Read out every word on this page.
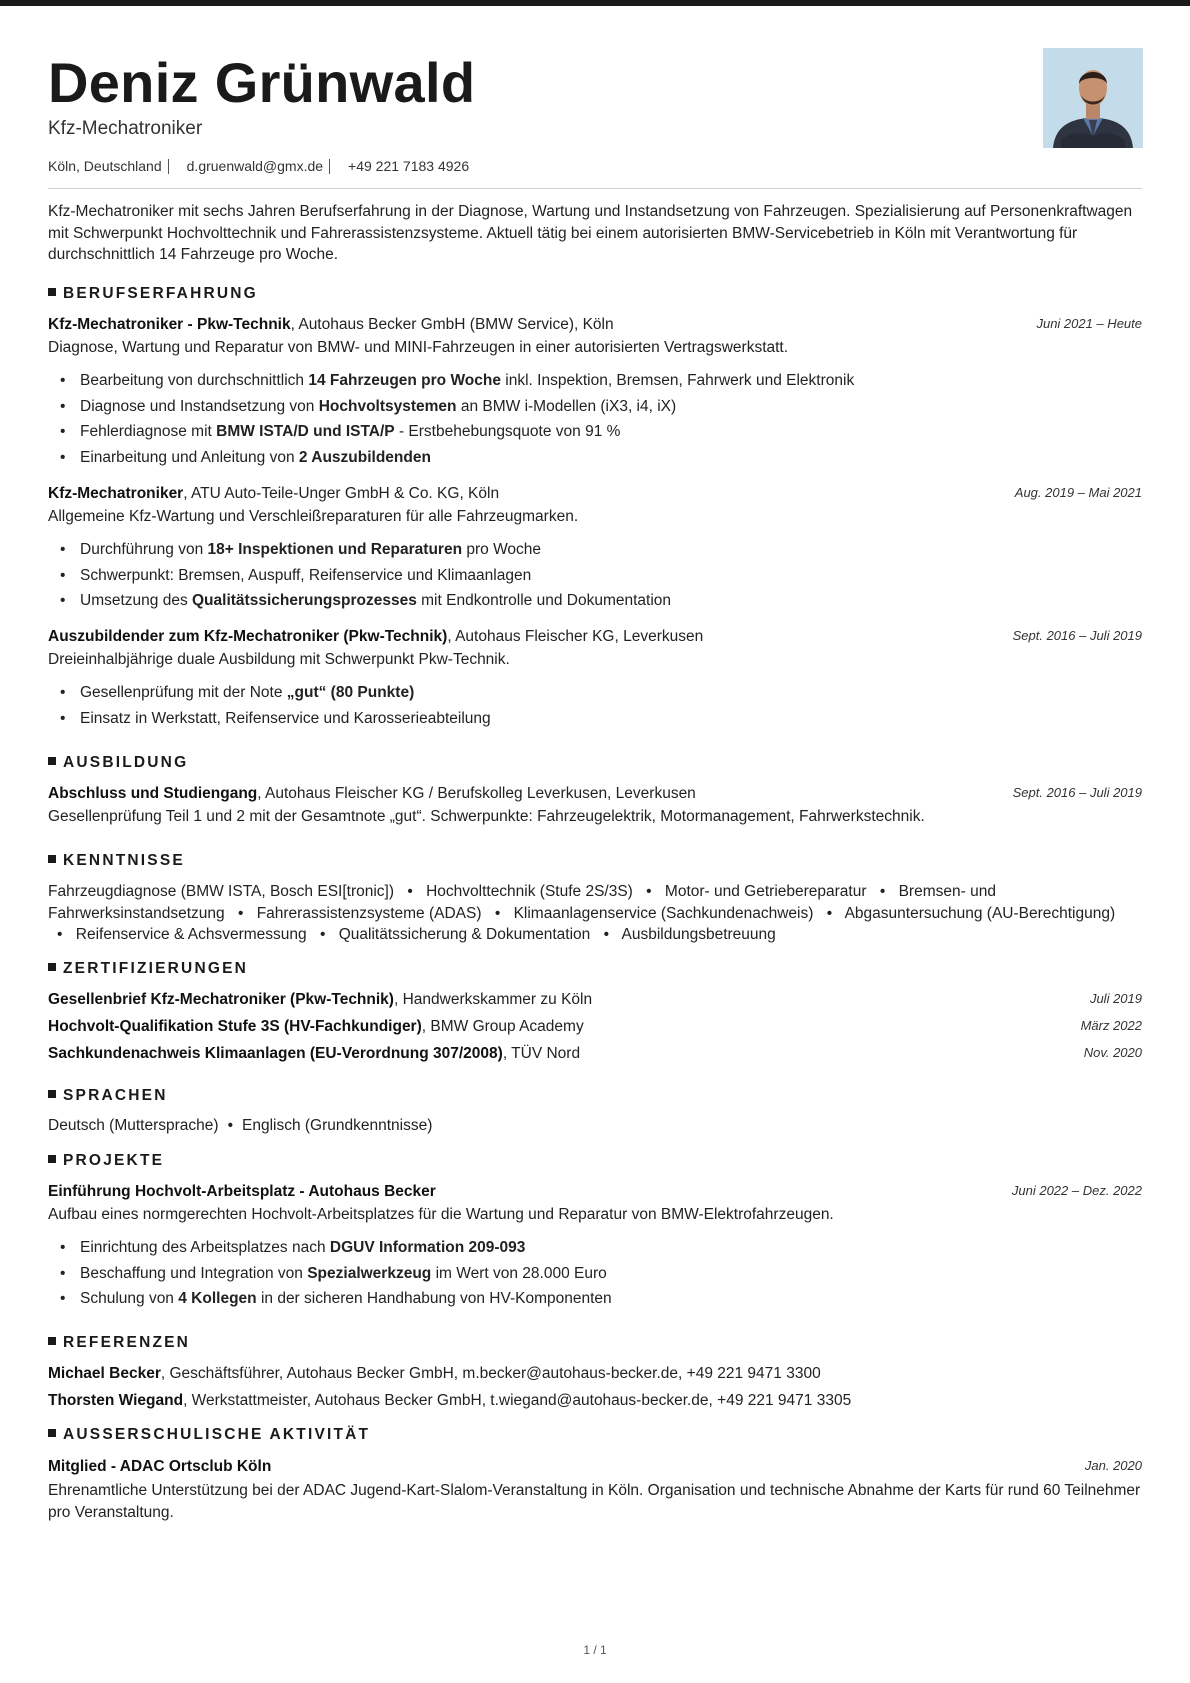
Deniz Grünwald
Kfz-Mechatroniker
Köln, Deutschland d.gruenwald@gmx.de +49 221 7183 4926
Kfz-Mechatroniker mit sechs Jahren Berufserfahrung in der Diagnose, Wartung und Instandsetzung von Fahrzeugen. Spezialisierung auf Personenkraftwagen mit Schwerpunkt Hochvolttechnik und Fahrerassistenzsysteme. Aktuell tätig bei einem autorisierten BMW-Servicebetrieb in Köln mit Verantwortung für durchschnittlich 14 Fahrzeuge pro Woche.
BERUFSERFAHRUNG
Kfz-Mechatroniker - Pkw-Technik, Autohaus Becker GmbH (BMW Service), Köln	Juni 2021 – Heute
Diagnose, Wartung und Reparatur von BMW- und MINI-Fahrzeugen in einer autorisierten Vertragswerkstatt.
• Bearbeitung von durchschnittlich 14 Fahrzeugen pro Woche inkl. Inspektion, Bremsen, Fahrwerk und Elektronik
• Diagnose und Instandsetzung von Hochvoltsystemen an BMW i-Modellen (iX3, i4, iX)
• Fehlerdiagnose mit BMW ISTA/D und ISTA/P - Erstbehebungsquote von 91 %
• Einarbeitung und Anleitung von 2 Auszubildenden
Kfz-Mechatroniker, ATU Auto-Teile-Unger GmbH & Co. KG, Köln	Aug. 2019 – Mai 2021
Allgemeine Kfz-Wartung und Verschleißreparaturen für alle Fahrzeugmarken.
• Durchführung von 18+ Inspektionen und Reparaturen pro Woche
• Schwerpunkt: Bremsen, Auspuff, Reifenservice und Klimaanlagen
• Umsetzung des Qualitätssicherungsprozesses mit Endkontrolle und Dokumentation
Auszubildender zum Kfz-Mechatroniker (Pkw-Technik), Autohaus Fleischer KG, Leverkusen	Sept. 2016 – Juli 2019
Dreieinhalbjährige duale Ausbildung mit Schwerpunkt Pkw-Technik.
• Gesellenprüfung mit der Note „gut“ (80 Punkte)
• Einsatz in Werkstatt, Reifenservice und Karosserieabteilung
AUSBILDUNG
Abschluss und Studiengang, Autohaus Fleischer KG / Berufskolleg Leverkusen, Leverkusen	Sept. 2016 – Juli 2019
Gesellenprüfung Teil 1 und 2 mit der Gesamtnote „gut“. Schwerpunkte: Fahrzeugelektrik, Motormanagement, Fahrwerkstechnik.
KENNTNISSE
Fahrzeugdiagnose (BMW ISTA, Bosch ESI[tronic]) • Hochvolttechnik (Stufe 2S/3S) • Motor- und Getriebereparatur • Bremsen- und Fahrwerksinstandsetzung • Fahrerassistenzsysteme (ADAS) • Klimaanlagenservice (Sachkundenachweis) • Abgasuntersuchung (AU-Berechtigung) • Reifenservice & Achsvermessung • Qualitätssicherung & Dokumentation • Ausbildungsbetreuung
ZERTIFIZIERUNGEN
Gesellenbrief Kfz-Mechatroniker (Pkw-Technik), Handwerkskammer zu Köln	Juli 2019
Hochvolt-Qualifikation Stufe 3S (HV-Fachkundiger), BMW Group Academy	März 2022
Sachkundenachweis Klimaanlagen (EU-Verordnung 307/2008), TÜV Nord	Nov. 2020
SPRACHEN
Deutsch (Muttersprache) • Englisch (Grundkenntnisse)
PROJEKTE
Einführung Hochvolt-Arbeitsplatz - Autohaus Becker	Juni 2022 – Dez. 2022
Aufbau eines normgerechten Hochvolt-Arbeitsplatzes für die Wartung und Reparatur von BMW-Elektrofahrzeugen.
• Einrichtung des Arbeitsplatzes nach DGUV Information 209-093
• Beschaffung und Integration von Spezialwerkzeug im Wert von 28.000 Euro
• Schulung von 4 Kollegen in der sicheren Handhabung von HV-Komponenten
REFERENZEN
Michael Becker, Geschäftsführer, Autohaus Becker GmbH, m.becker@autohaus-becker.de, +49 221 9471 3300
Thorsten Wiegand, Werkstattmeister, Autohaus Becker GmbH, t.wiegand@autohaus-becker.de, +49 221 9471 3305
AUSSERSCHULISCHE AKTIVITÄT
Mitglied - ADAC Ortsclub Köln	Jan. 2020
Ehrenamtliche Unterstützung bei der ADAC Jugend-Kart-Slalom-Veranstaltung in Köln. Organisation und technische Abnahme der Karts für rund 60 Teilnehmer pro Veranstaltung.
1 / 1
